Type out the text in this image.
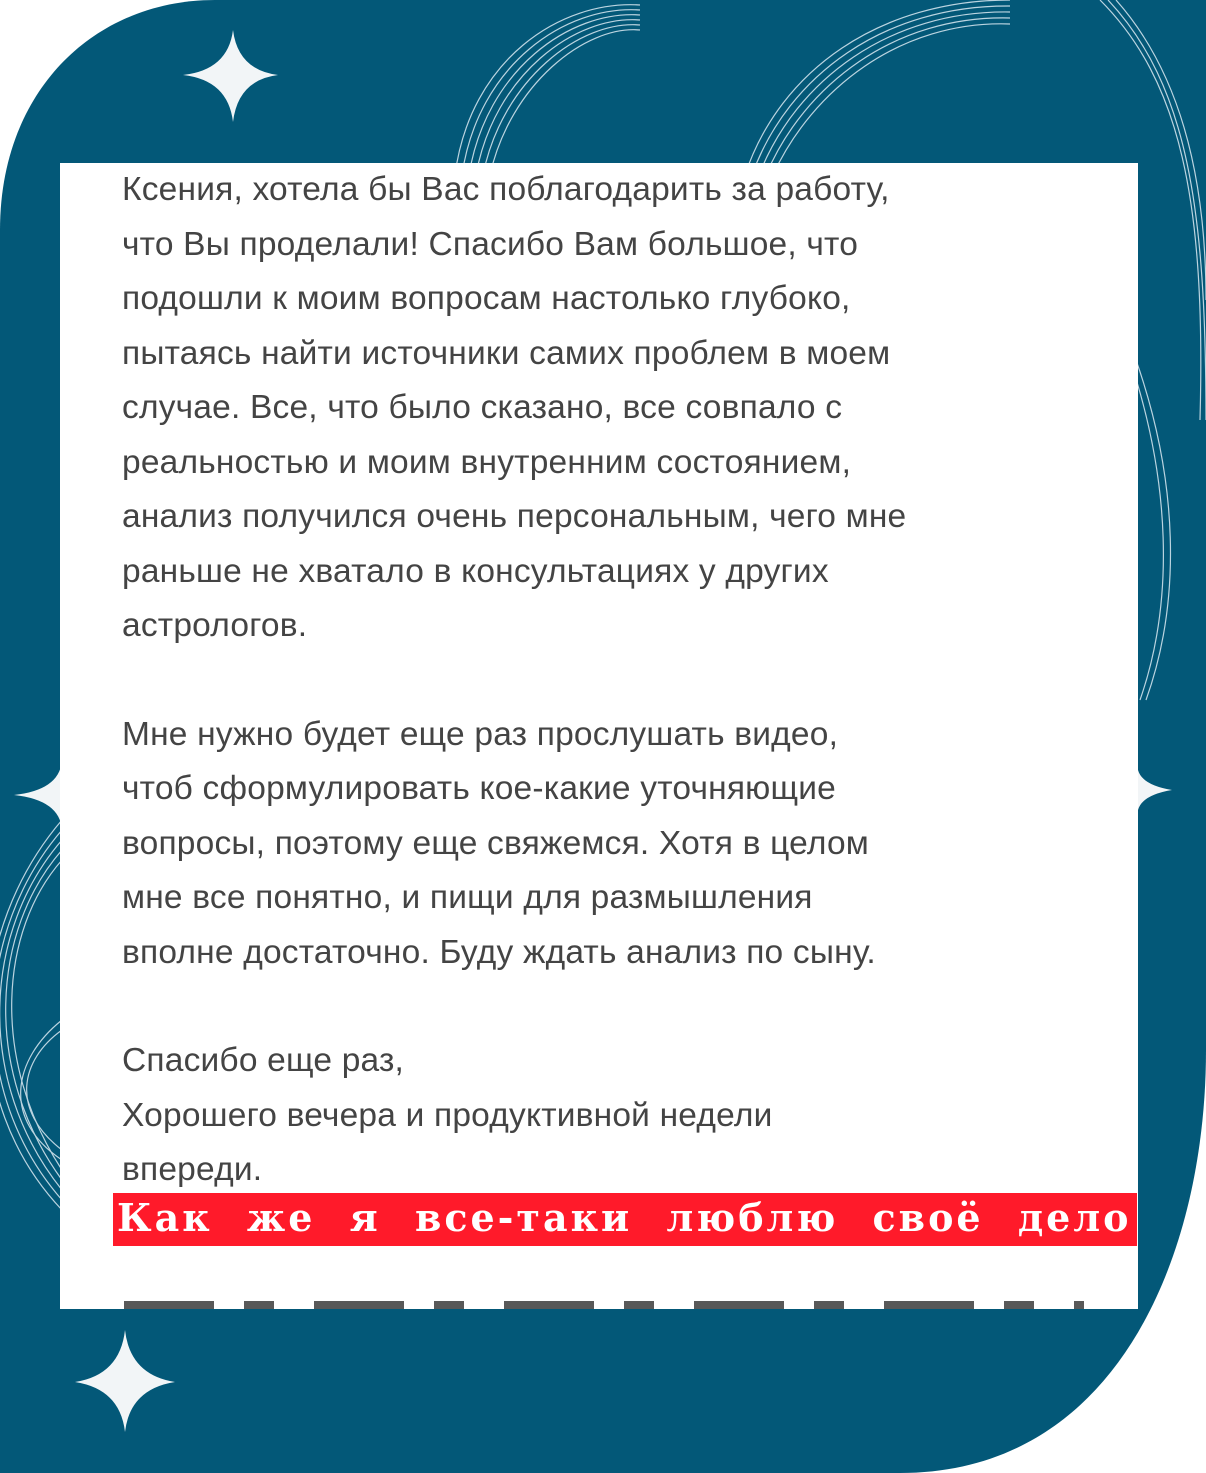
Ксения, хотела бы Вас поблагодарить за работу,
что Вы проделали! Спасибо Вам большое, что
подошли к моим вопросам настолько глубоко,
пытаясь найти источники самих проблем в моем
случае. Все, что было сказано, все совпало с
реальностью и моим внутренним состоянием,
анализ получился очень персональным, чего мне
раньше не хватало в консультациях у других
астрологов.

Мне нужно будет еще раз прослушать видео,
чтоб сформулировать кое-какие уточняющие
вопросы, поэтому еще свяжемся. Хотя в целом
мне все понятно, и пищи для размышления
вполне достаточно. Буду ждать анализ по сыну.

Спасибо еще раз,
Хорошего вечера и продуктивной недели
впереди.

Как же я все-таки люблю своё дело
